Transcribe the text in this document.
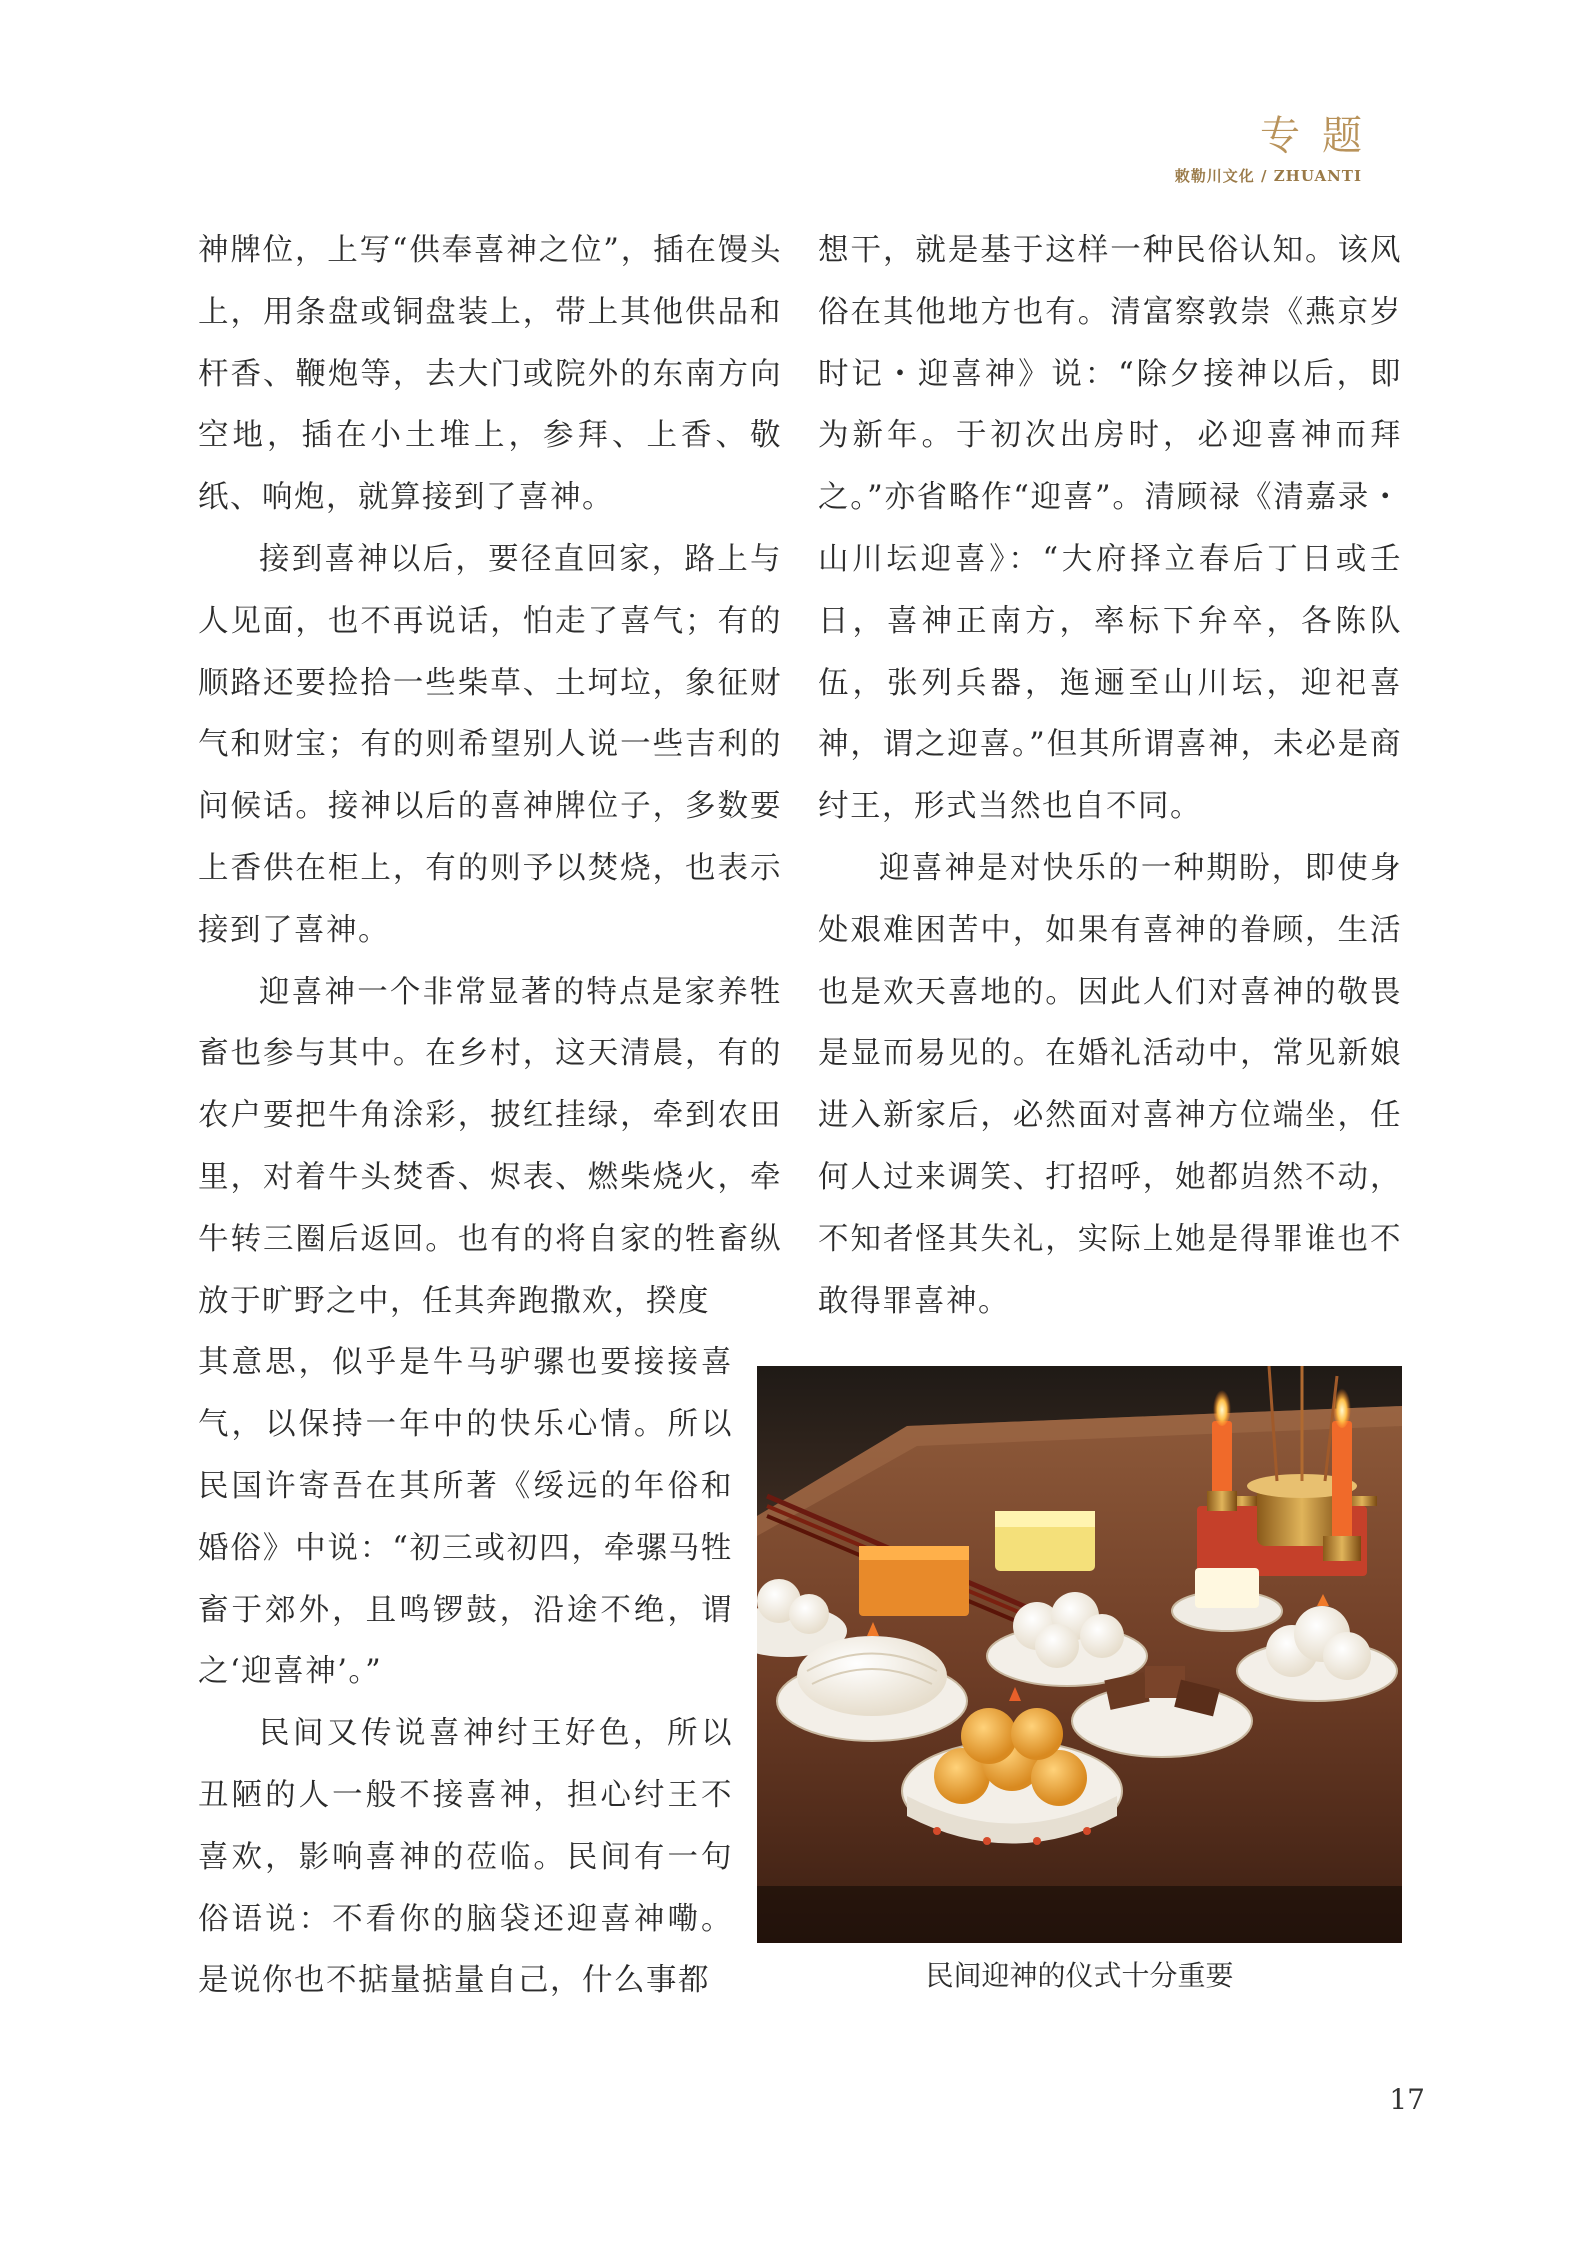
专题
敕勒川文化 / ZHUANTI

神牌位，上写“供奉喜神之位”，插在馒头上，用条盘或铜盘装上，带上其他供品和杆香、鞭炮等，去大门或院外的东南方向空地，插在小土堆上，参拜、上香、敬纸、响炮，就算接到了喜神。

接到喜神以后，要径直回家，路上与人见面，也不再说话，怕走了喜气；有的顺路还要捡拾一些柴草、土坷垃，象征财气和财宝；有的则希望别人说一些吉利的问候话。接神以后的喜神牌位子，多数要上香供在柜上，有的则予以焚烧，也表示接到了喜神。

迎喜神一个非常显著的特点是家养牲畜也参与其中。在乡村，这天清晨，有的农户要把牛角涂彩，披红挂绿，牵到农田里，对着牛头焚香、烬表、燃柴烧火，牵牛转三圈后返回。也有的将自家的牲畜纵放于旷野之中，任其奔跑撒欢，揆度

其意思，似乎是牛马驴骡也要接接喜气，以保持一年中的快乐心情。所以民国许寄吾在其所著《绥远的年俗和婚俗》中说：“初三或初四，牵骡马牲畜于郊外，且鸣锣鼓，沿途不绝，谓之‘迎喜神’。”

民间又传说喜神纣王好色，所以丑陋的人一般不接喜神，担心纣王不喜欢，影响喜神的莅临。民间有一句俗语说：不看你的脑袋还迎喜神嘞。是说你也不掂量掂量自己，什么事都

想干，就是基于这样一种民俗认知。该风俗在其他地方也有。清富察敦崇《燕京岁时记・迎喜神》说：“除夕接神以后，即为新年。于初次出房时，必迎喜神而拜之。”亦省略作“迎喜”。清顾禄《清嘉录・山川坛迎喜》：“大府择立春后丁日或壬日，喜神正南方，率标下弁卒，各陈队伍，张列兵器，迤逦至山川坛，迎祀喜神，谓之迎喜。”但其所谓喜神，未必是商纣王，形式当然也自不同。

迎喜神是对快乐的一种期盼，即使身处艰难困苦中，如果有喜神的眷顾，生活也是欢天喜地的。因此人们对喜神的敬畏是显而易见的。在婚礼活动中，常见新娘进入新家后，必然面对喜神方位端坐，任何人过来调笑、打招呼，她都岿然不动，不知者怪其失礼，实际上她是得罪谁也不敢得罪喜神。

民间迎神的仪式十分重要
17
